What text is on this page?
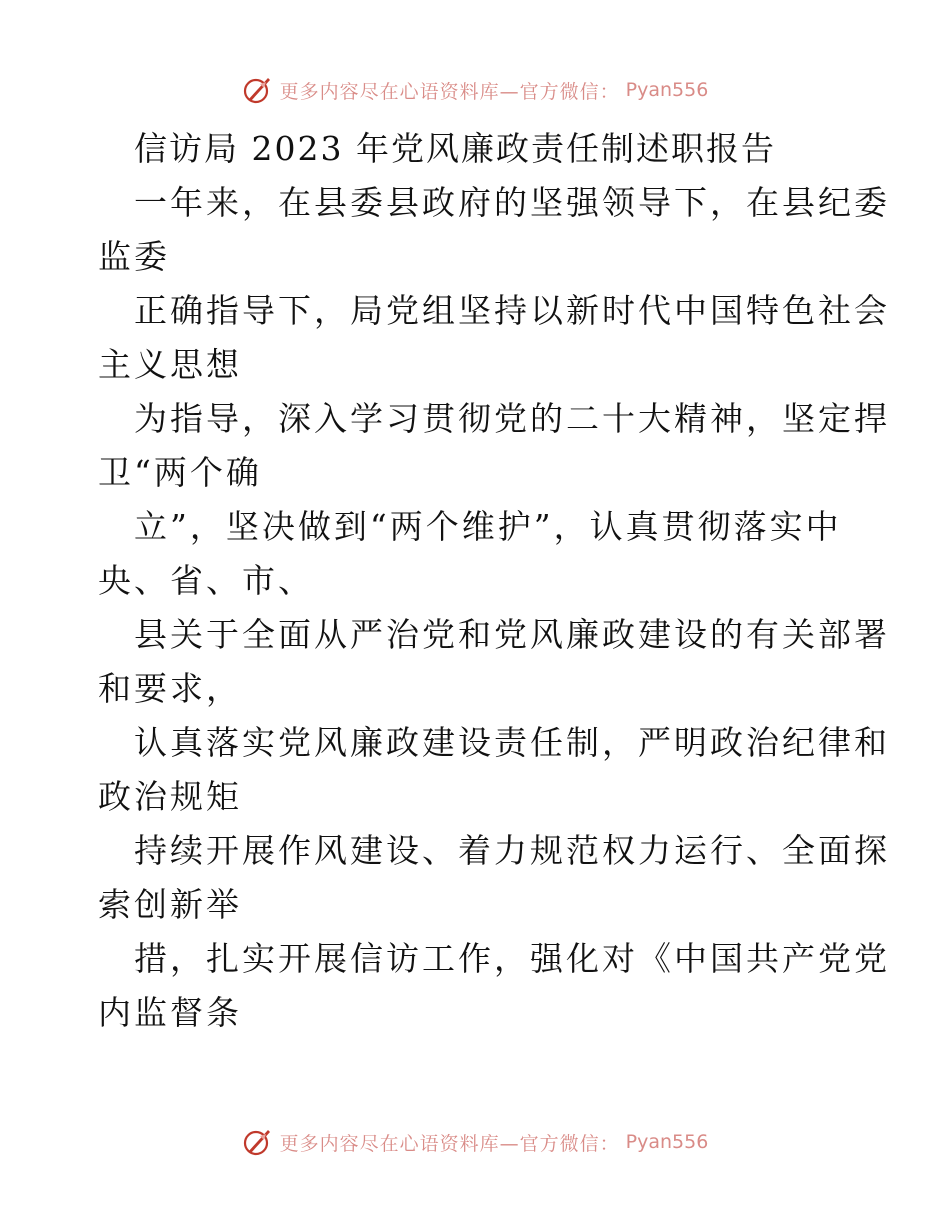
更多内容尽在心语资料库—官方微信： Pyan556
信访局 2023 年党风廉政责任制述职报告
一年来，在县委县政府的坚强领导下，在县纪委
监委
正确指导下，局党组坚持以新时代中国特色社会
主义思想
为指导，深入学习贯彻党的二十大精神，坚定捍
卫“两个确
立”，坚决做到“两个维护”，认真贯彻落实中
央、省、市、
县关于全面从严治党和党风廉政建设的有关部署
和要求，
认真落实党风廉政建设责任制，严明政治纪律和
政治规矩
持续开展作风建设、着力规范权力运行、全面探
索创新举
措，扎实开展信访工作，强化对《中国共产党党
内监督条
更多内容尽在心语资料库—官方微信： Pyan556
